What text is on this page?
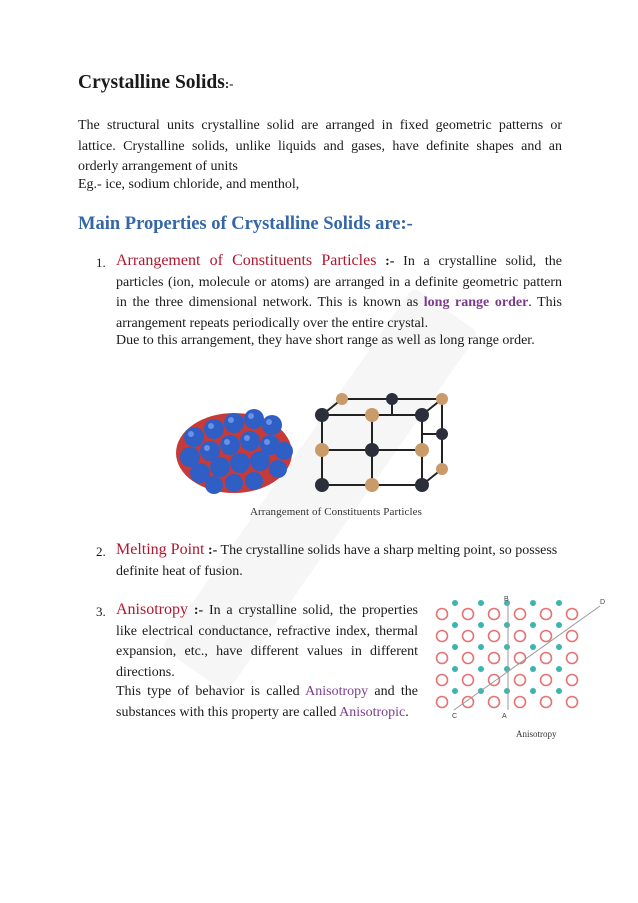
Crystalline Solids:-
The structural units crystalline solid are arranged in fixed geometric patterns or lattice. Crystalline solids, unlike liquids and gases, have definite shapes and an orderly arrangement of units
Eg.- ice, sodium chloride, and menthol,
Main Properties of Crystalline Solids are:-
1. Arrangement of Constituents Particles :- In a crystalline solid, the particles (ion, molecule or atoms) are arranged in a definite geometric pattern in the three dimensional network. This is known as long range order. This arrangement repeats periodically over the entire crystal.
Due to this arrangement, they have short range as well as long range order.
Arrangement of Constituents Particles
2. Melting Point :- The crystalline solids have a sharp melting point, so possess definite heat of fusion.
3. Anisotropy :- In a crystalline solid, the properties like electrical conductance, refractive index, thermal expansion, etc., have different values in different directions.
This type of behavior is called Anisotropy and the substances with this property are called Anisotropic.
B	D
C	A
Anisotropy
